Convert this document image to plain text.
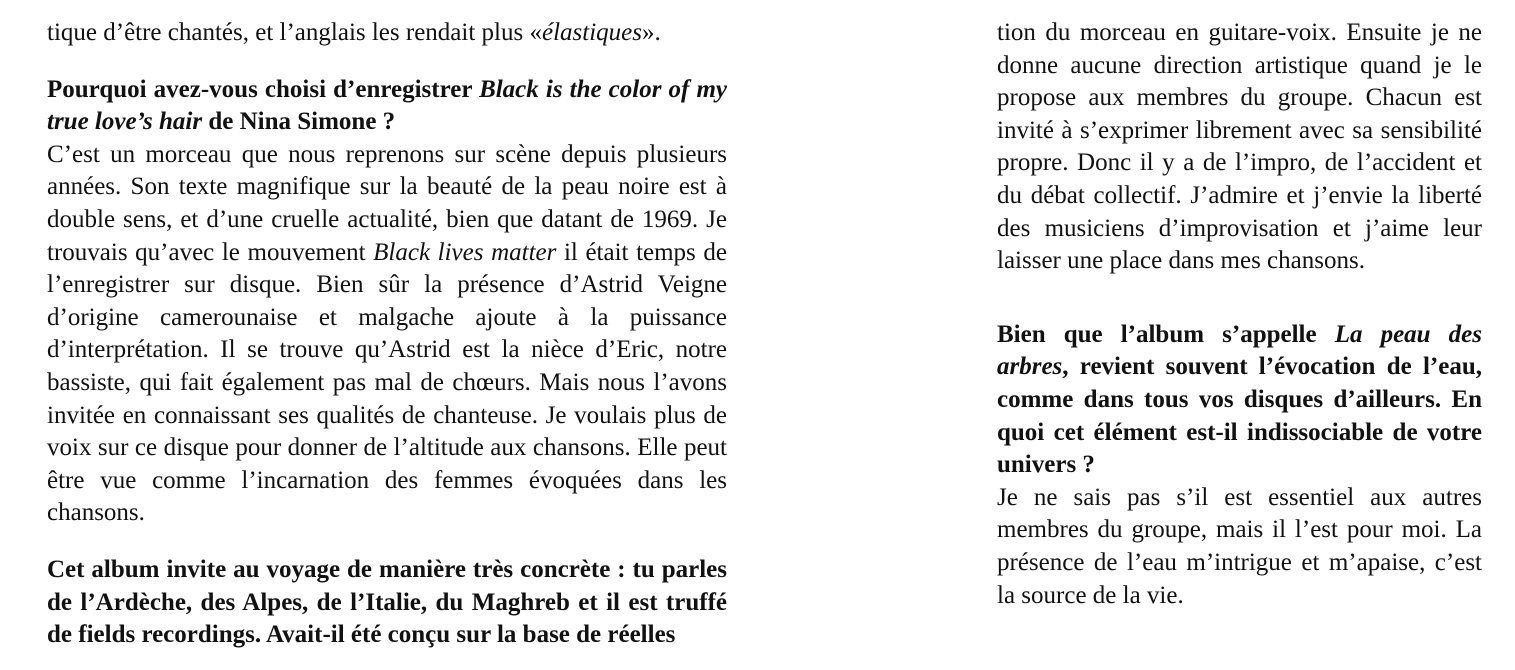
tique d’être chantés, et l’anglais les rendait plus «élastiques».

Pourquoi avez-vous choisi d’enregistrer Black is the color of my true love’s hair de Nina Simone ?

C’est un morceau que nous reprenons sur scène depuis plusieurs années. Son texte magnifique sur la beauté de la peau noire est à double sens, et d’une cruelle actualité, bien que datant de 1969. Je trouvais qu’avec le mouvement Black lives matter il était temps de l’enregistrer sur disque. Bien sûr la présence d’Astrid Veigne d’origine camerounaise et malgache ajoute à la puissance d’interprétation. Il se trouve qu’Astrid est la nièce d’Eric, notre bassiste, qui fait également pas mal de chœurs. Mais nous l’avons invitée en connaissant ses qualités de chanteuse. Je voulais plus de voix sur ce disque pour donner de l’altitude aux chansons. Elle peut être vue comme l’incarnation des femmes évoquées dans les chansons.

Cet album invite au voyage de manière très concrète : tu parles de l’Ardèche, des Alpes, de l’Italie, du Maghreb et il est truffé de fields recordings. Avait-il été conçu sur la base de réelles

tion du morceau en guitare-voix. Ensuite je ne donne aucune direction artistique quand je le propose aux membres du groupe. Chacun est invité à s’exprimer librement avec sa sensibilité propre. Donc il y a de l’impro, de l’accident et du débat collectif. J’admire et j’envie la liberté des musiciens d’improvisation et j’aime leur laisser une place dans mes chansons.

Bien que l’album s’appelle La peau des arbres, revient souvent l’évocation de l’eau, comme dans tous vos disques d’ailleurs. En quoi cet élément est-il indissociable de votre univers ?

Je ne sais pas s’il est essentiel aux autres membres du groupe, mais il l’est pour moi. La présence de l’eau m’intrigue et m’apaise, c’est la source de la vie.
